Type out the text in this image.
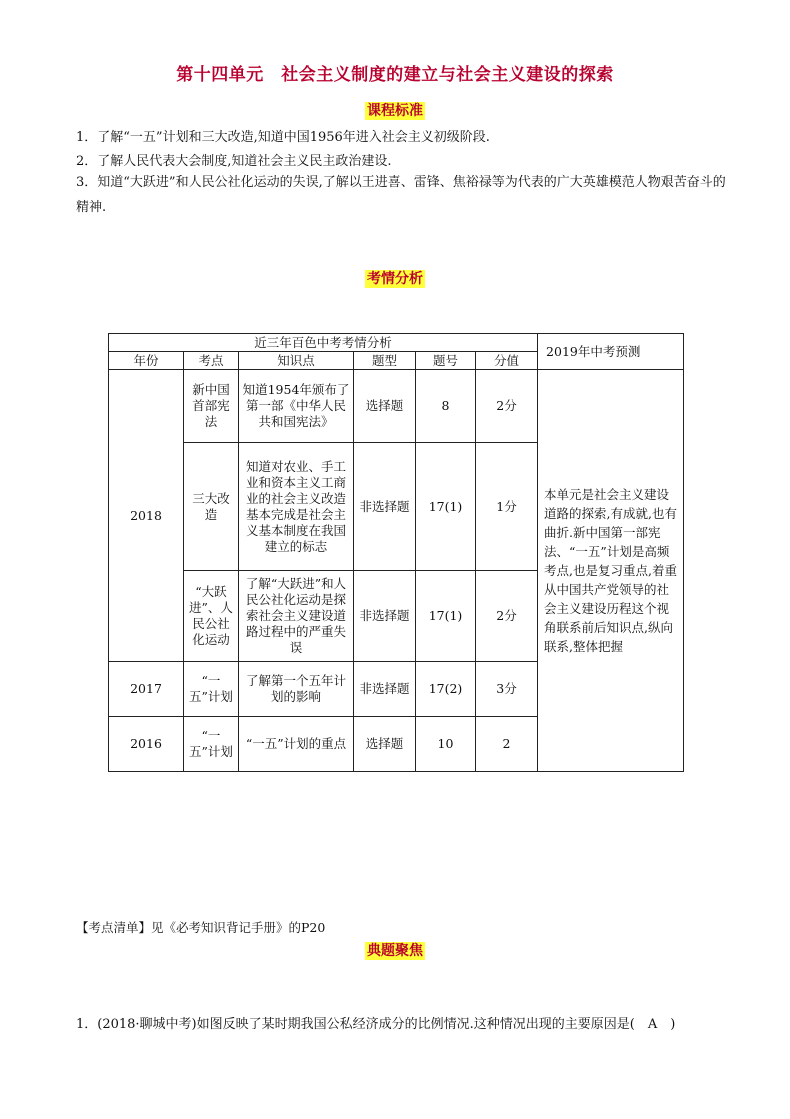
第十四单元　社会主义制度的建立与社会主义建设的探索
课程标准
1．了解“一五”计划和三大改造,知道中国1956年进入社会主义初级阶段.
2．了解人民代表大会制度,知道社会主义民主政治建设.
3．知道“大跃进”和人民公社化运动的失误,了解以王进喜、雷锋、焦裕禄等为代表的广大英雄模范人物艰苦奋斗的精神.
考情分析
近三年百色中考考情分析						2019年中考预测
年份	考点	知识点	题型	题号	分值	
2018	新中国首部宪法	知道1954年颁布了第一部《中华人民共和国宪法》	选择题	8	2分	本单元是社会主义建设道路的探索,有成就,也有曲折.新中国第一部宪法、“一五”计划是高频考点,也是复习重点,着重从中国共产党领导的社会主义建设历程这个视角联系前后知识点,纵向联系,整体把握
	三大改造	知道对农业、手工业和资本主义工商业的社会主义改造基本完成是社会主义基本制度在我国建立的标志	非选择题	17(1)	1分	
	“大跃进”、人民公社化运动	了解“大跃进”和人民公社化运动是探索社会主义建设道路过程中的严重失误	非选择题	17(1)	2分	
2017	“一五”计划	了解第一个五年计划的影响	非选择题	17(2)	3分	
2016	“一五”计划	“一五”计划的重点	选择题	10	2	
【考点清单】见《必考知识背记手册》的P20
典题聚焦
1．(2018·聊城中考)如图反映了某时期我国公私经济成分的比例情况.这种情况出现的主要原因是(　A　)
